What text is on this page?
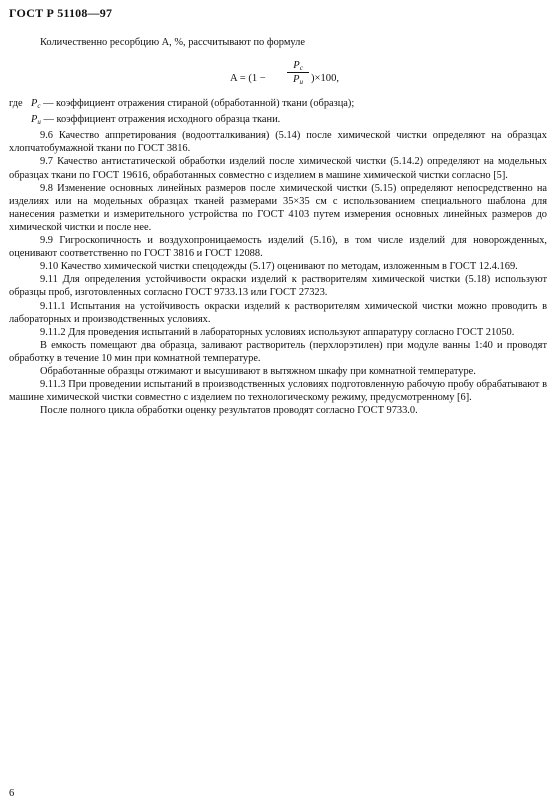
ГОСТ Р 51108—97

Количественно ресорбцию A, %, рассчитывают по формуле

A = (1 −
$P_c$
$P_и$ )×100,

где $P_с$ — коэффициент отражения стираной (обработанной) ткани (образца);

$P_и$ — коэффициент отражения исходного образца ткани.

9.6 Качество аппретирования (водоотталкивания) (5.14) после химической чистки определяют на образцах хлопчатобумажной ткани по ГОСТ 3816.

9.7 Качество антистатической обработки изделий после химической чистки (5.14.2) определяют на модельных образцах ткани по ГОСТ 19616, обработанных совместно с изделием в машине химической чистки согласно [5].

9.8 Изменение основных линейных размеров после химической чистки (5.15) определяют непосредственно на изделиях или на модельных образцах тканей размерами 35×35 см с использованием специального шаблона для нанесения разметки и измерительного устройства по ГОСТ 4103 путем измерения основных линейных размеров до химической чистки и после нее.

9.9 Гигроскопичность и воздухопроницаемость изделий (5.16), в том числе изделий для новорожденных, оценивают соответственно по ГОСТ 3816 и ГОСТ 12088.

9.10 Качество химической чистки спецодежды (5.17) оценивают по методам, изложенным в ГОСТ 12.4.169.

9.11 Для определения устойчивости окраски изделий к растворителям химической чистки (5.18) используют образцы проб, изготовленных согласно ГОСТ 9733.13 или ГОСТ 27323.

9.11.1 Испытания на устойчивость окраски изделий к растворителям химической чистки можно проводить в лабораторных и производственных условиях.

9.11.2 Для проведения испытаний в лабораторных условиях используют аппаратуру согласно ГОСТ 21050.

В емкость помещают два образца, заливают растворитель (перхлорэтилен) при модуле ванны 1:40 и проводят обработку в течение 10 мин при комнатной температуре.

Обработанные образцы отжимают и высушивают в вытяжном шкафу при комнатной температуре.

9.11.3 При проведении испытаний в производственных условиях подготовленную рабочую пробу обрабатывают в машине химической чистки совместно с изделием по технологическому режиму, предусмотренному [6].

После полного цикла обработки оценку результатов проводят согласно ГОСТ 9733.0.

6
